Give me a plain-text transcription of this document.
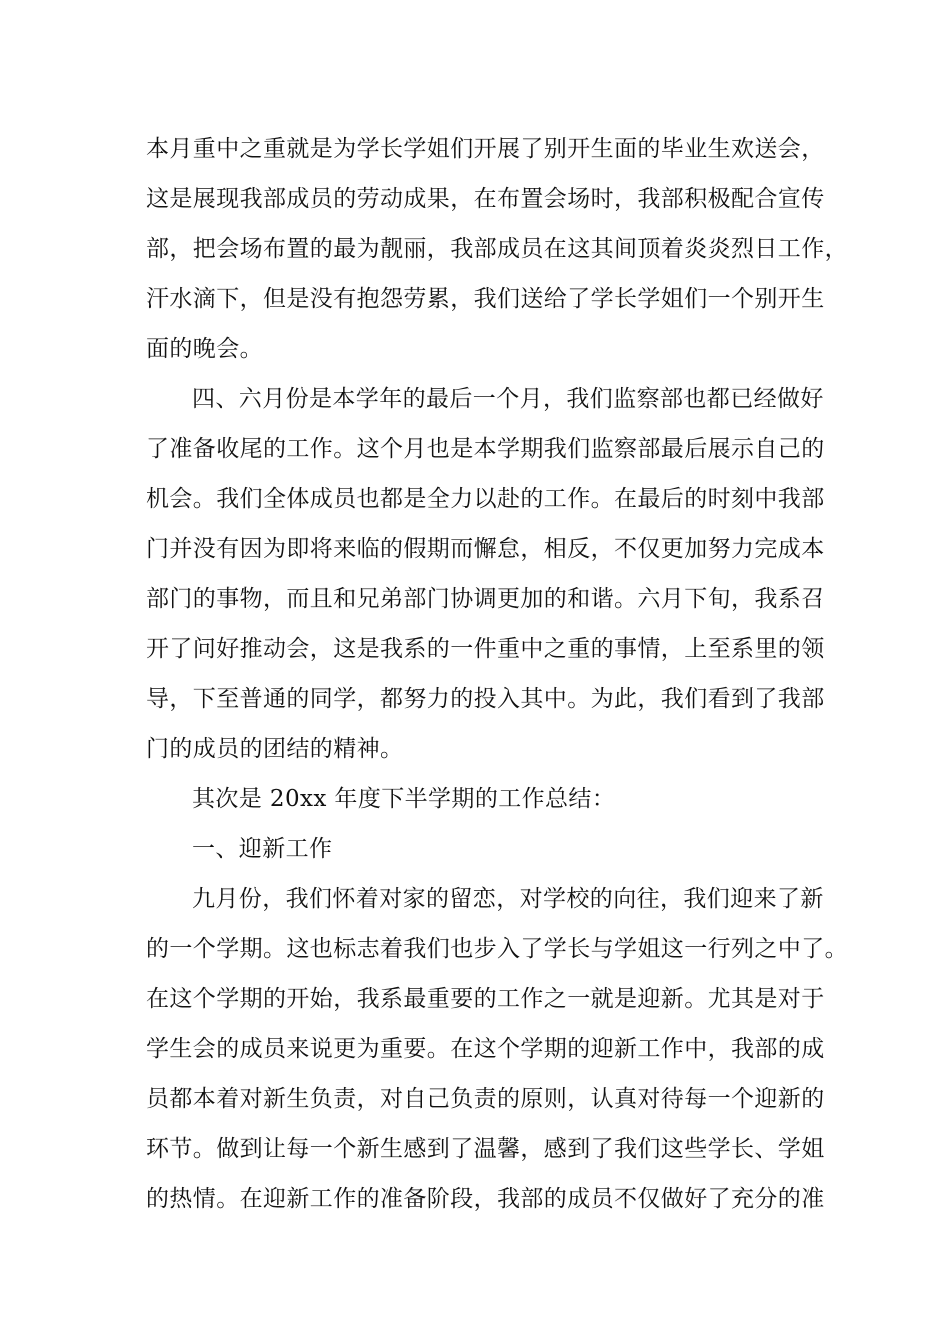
本月重中之重就是为学长学姐们开展了别开生面的毕业生欢送会，
这是展现我部成员的劳动成果，在布置会场时，我部积极配合宣传
部，把会场布置的最为靓丽，我部成员在这其间顶着炎炎烈日工作，
汗水滴下，但是没有抱怨劳累，我们送给了学长学姐们一个别开生
面的晚会。
四、六月份是本学年的最后一个月，我们监察部也都已经做好
了准备收尾的工作。这个月也是本学期我们监察部最后展示自己的
机会。我们全体成员也都是全力以赴的工作。在最后的时刻中我部
门并没有因为即将来临的假期而懈怠，相反，不仅更加努力完成本
部门的事物，而且和兄弟部门协调更加的和谐。六月下旬，我系召
开了问好推动会，这是我系的一件重中之重的事情，上至系里的领
导，下至普通的同学，都努力的投入其中。为此，我们看到了我部
门的成员的团结的精神。
其次是 20xx 年度下半学期的工作总结：
一、迎新工作
九月份，我们怀着对家的留恋，对学校的向往，我们迎来了新
的一个学期。这也标志着我们也步入了学长与学姐这一行列之中了。
在这个学期的开始，我系最重要的工作之一就是迎新。尤其是对于
学生会的成员来说更为重要。在这个学期的迎新工作中，我部的成
员都本着对新生负责，对自己负责的原则，认真对待每一个迎新的
环节。做到让每一个新生感到了温馨，感到了我们这些学长、学姐
的热情。在迎新工作的准备阶段，我部的成员不仅做好了充分的准
